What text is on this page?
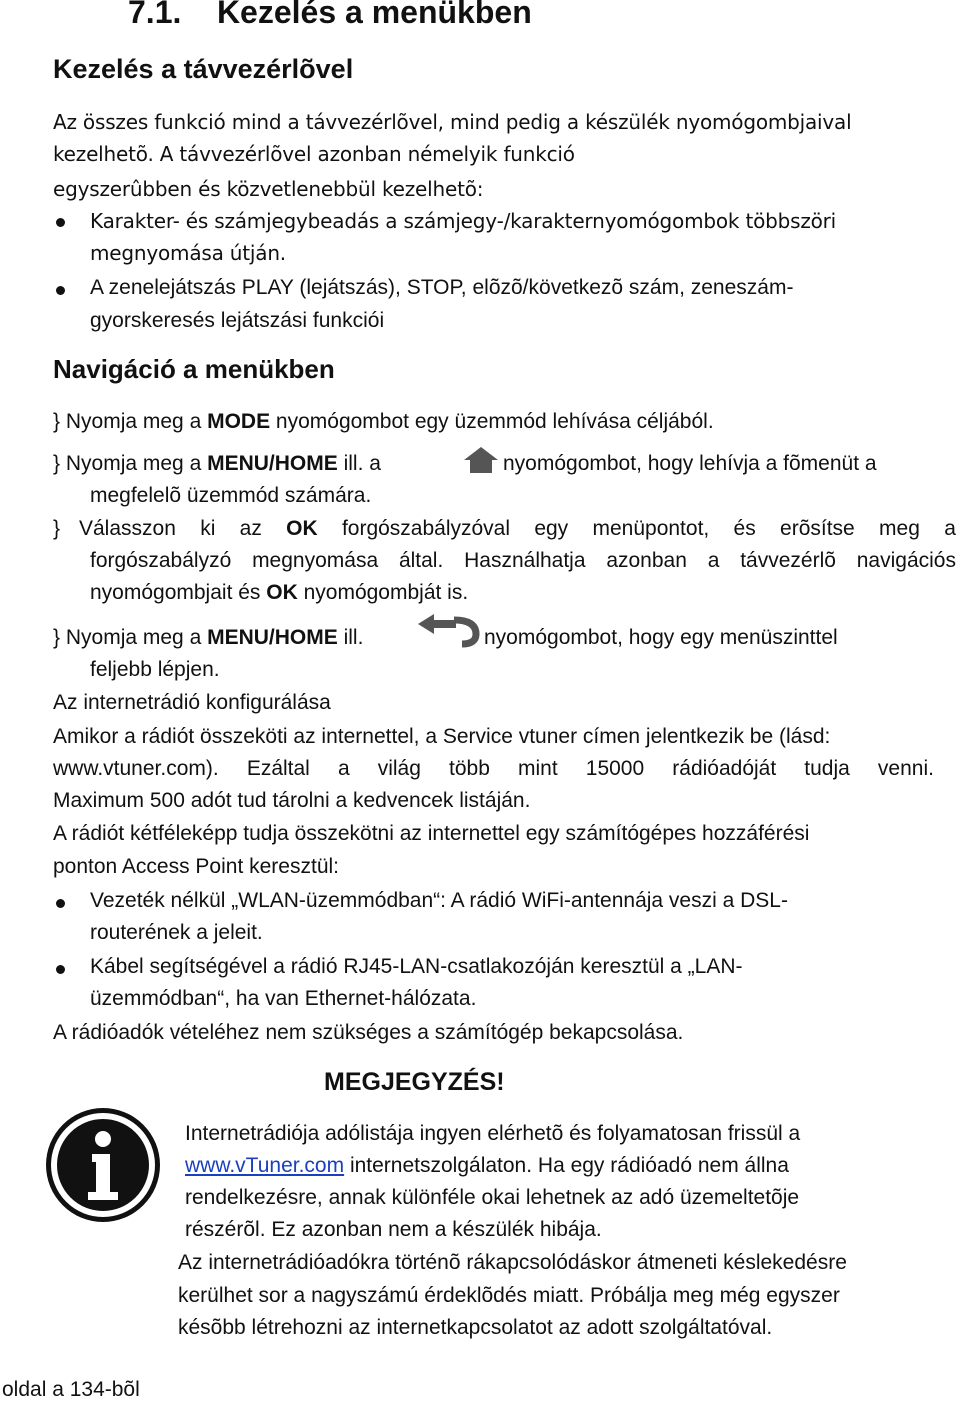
7.1. Kezelés a menükben
Kezelés a távvezérlõvel
Az összes funkció mind a távvezérlõvel, mind pedig a készülék nyomógombjaival
kezelhetõ. A távvezérlõvel azonban némelyik funkció
egyszerûbben és közvetlenebbül kezelhetõ:
Karakter- és számjegybeadás a számjegy-/karakternyomógombok többszöri
megnyomása útján.
A zenelejátszás PLAY (lejátszás), STOP, elõzõ/következõ szám, zeneszám-
gyorskeresés lejátszási funkciói
Navigáció a menükben
} Nyomja meg a MODE nyomógombot egy üzemmód lehívása céljából.
} Nyomja meg a MENU/HOME ill. a	nyomógombot, hogy lehívja a fõmenüt a
megfelelõ üzemmód számára.
} Válasszon ki az OK forgószabályzóval egy menüpontot, és erõsítse meg a
forgószabályzó megnyomása által. Használhatja azonban a távvezérlõ navigációs
nyomógombjait és OK nyomógombját is.
} Nyomja meg a MENU/HOME ill.	nyomógombot, hogy egy menüszinttel
feljebb lépjen.
Az internetrádió konfigurálása
Amikor a rádiót összeköti az internettel, a Service vtuner címen jelentkezik be (lásd:
www.vtuner.com). Ezáltal a világ több mint 15000 rádióadóját tudja venni.
Maximum 500 adót tud tárolni a kedvencek listáján.
A rádiót kétféleképp tudja összekötni az internettel egy számítógépes hozzáférési
ponton Access Point keresztül:
Vezeték nélkül „WLAN-üzemmódban“: A rádió WiFi-antennája veszi a DSL-
routerének a jeleit.
Kábel segítségével a rádió RJ45-LAN-csatlakozóján keresztül a „LAN-
üzemmódban“, ha van Ethernet-hálózata.
A rádióadók vételéhez nem szükséges a számítógép bekapcsolása.
MEGJEGYZÉS!
Internetrádiója adólistája ingyen elérhetõ és folyamatosan frissül a
www.vTuner.com internetszolgálaton. Ha egy rádióadó nem állna
rendelkezésre, annak különféle okai lehetnek az adó üzemeltetõje
részérõl. Ez azonban nem a készülék hibája.
Az internetrádióadókra történõ rákapcsolódáskor átmeneti késlekedésre
kerülhet sor a nagyszámú érdeklõdés miatt. Próbálja meg még egyszer
késõbb létrehozni az internetkapcsolatot az adott szolgáltatóval.
oldal a 134-bõl
